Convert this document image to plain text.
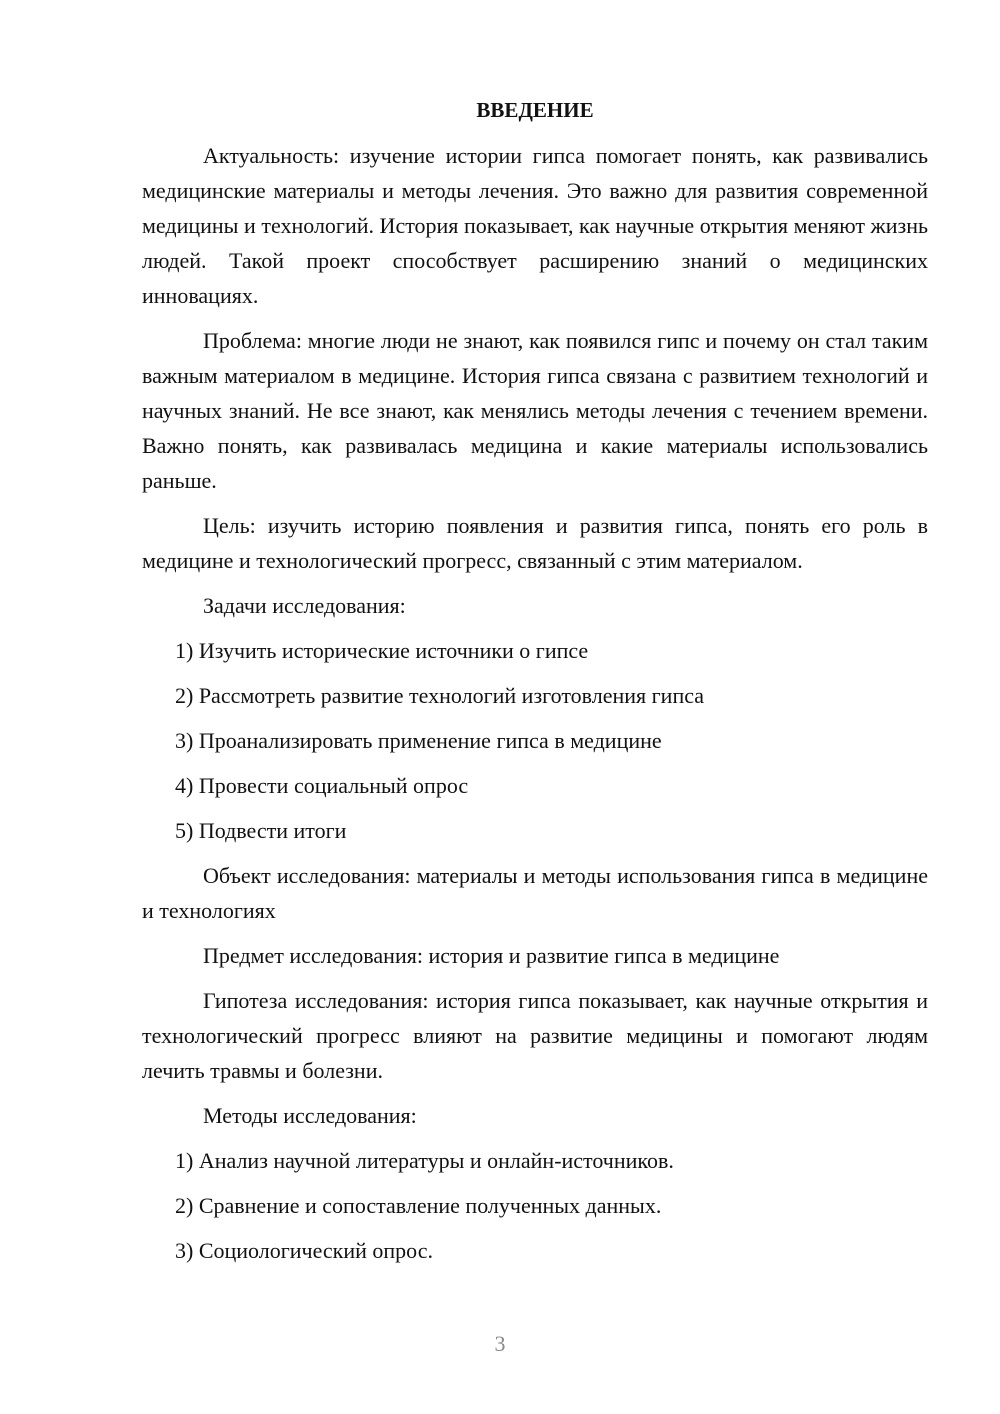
ВВЕДЕНИЕ

Актуальность: изучение истории гипса помогает понять, как развивались медицинские материалы и методы лечения. Это важно для развития современной медицины и технологий. История показывает, как научные открытия меняют жизнь людей. Такой проект способствует расширению знаний о медицинских инновациях.

Проблема: многие люди не знают, как появился гипс и почему он стал таким важным материалом в медицине. История гипса связана с развитием технологий и научных знаний. Не все знают, как менялись методы лечения с течением времени. Важно понять, как развивалась медицина и какие материалы использовались раньше.

Цель: изучить историю появления и развития гипса, понять его роль в медицине и технологический прогресс, связанный с этим материалом.

Задачи исследования:

1) Изучить исторические источники о гипсе

2) Рассмотреть развитие технологий изготовления гипса

3) Проанализировать применение гипса в медицине

4) Провести социальный опрос

5) Подвести итоги

Объект исследования: материалы и методы использования гипса в медицине и технологиях

Предмет исследования: история и развитие гипса в медицине

Гипотеза исследования: история гипса показывает, как научные открытия и технологический прогресс влияют на развитие медицины и помогают людям лечить травмы и болезни.

Методы исследования:

1) Анализ научной литературы и онлайн-источников.

2) Сравнение и сопоставление полученных данных.

3) Социологический опрос.

3
